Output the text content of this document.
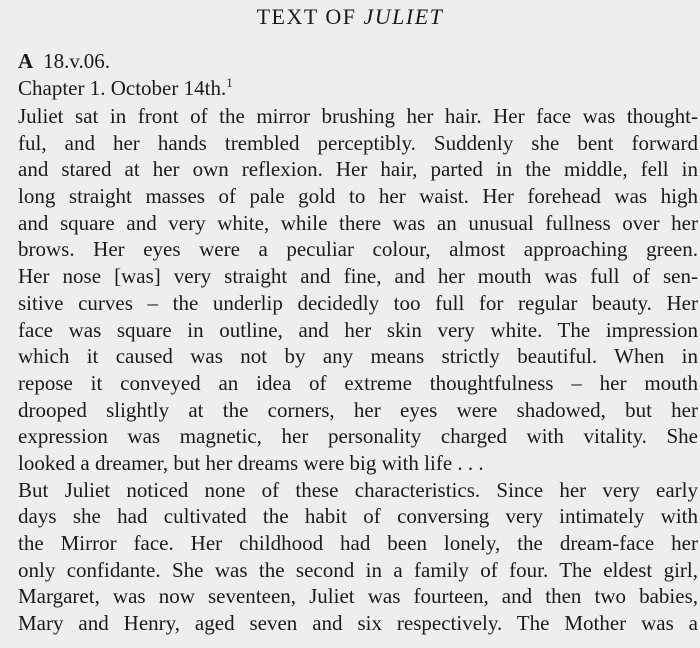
TEXT OF JULIET
A 18.v.06.
Chapter 1. October 14th.$^1$
Juliet sat in front of the mirror brushing her hair. Her face was thought-
ful, and her hands trembled perceptibly. Suddenly she bent forward
and stared at her own reflexion. Her hair, parted in the middle, fell in
long straight masses of pale gold to her waist. Her forehead was high
and square and very white, while there was an unusual fullness over her
brows. Her eyes were a peculiar colour, almost approaching green.
Her nose [was] very straight and fine, and her mouth was full of sen-
sitive curves – the underlip decidedly too full for regular beauty. Her
face was square in outline, and her skin very white. The impression
which it caused was not by any means strictly beautiful. When in
repose it conveyed an idea of extreme thoughtfulness – her mouth
drooped slightly at the corners, her eyes were shadowed, but her
expression was magnetic, her personality charged with vitality. She
looked a dreamer, but her dreams were big with life . . .
But Juliet noticed none of these characteristics. Since her very early
days she had cultivated the habit of conversing very intimately with
the Mirror face. Her childhood had been lonely, the dream-face her
only confidante. She was the second in a family of four. The eldest girl,
Margaret, was now seventeen, Juliet was fourteen, and then two babies,
Mary and Henry, aged seven and six respectively. The Mother was a
